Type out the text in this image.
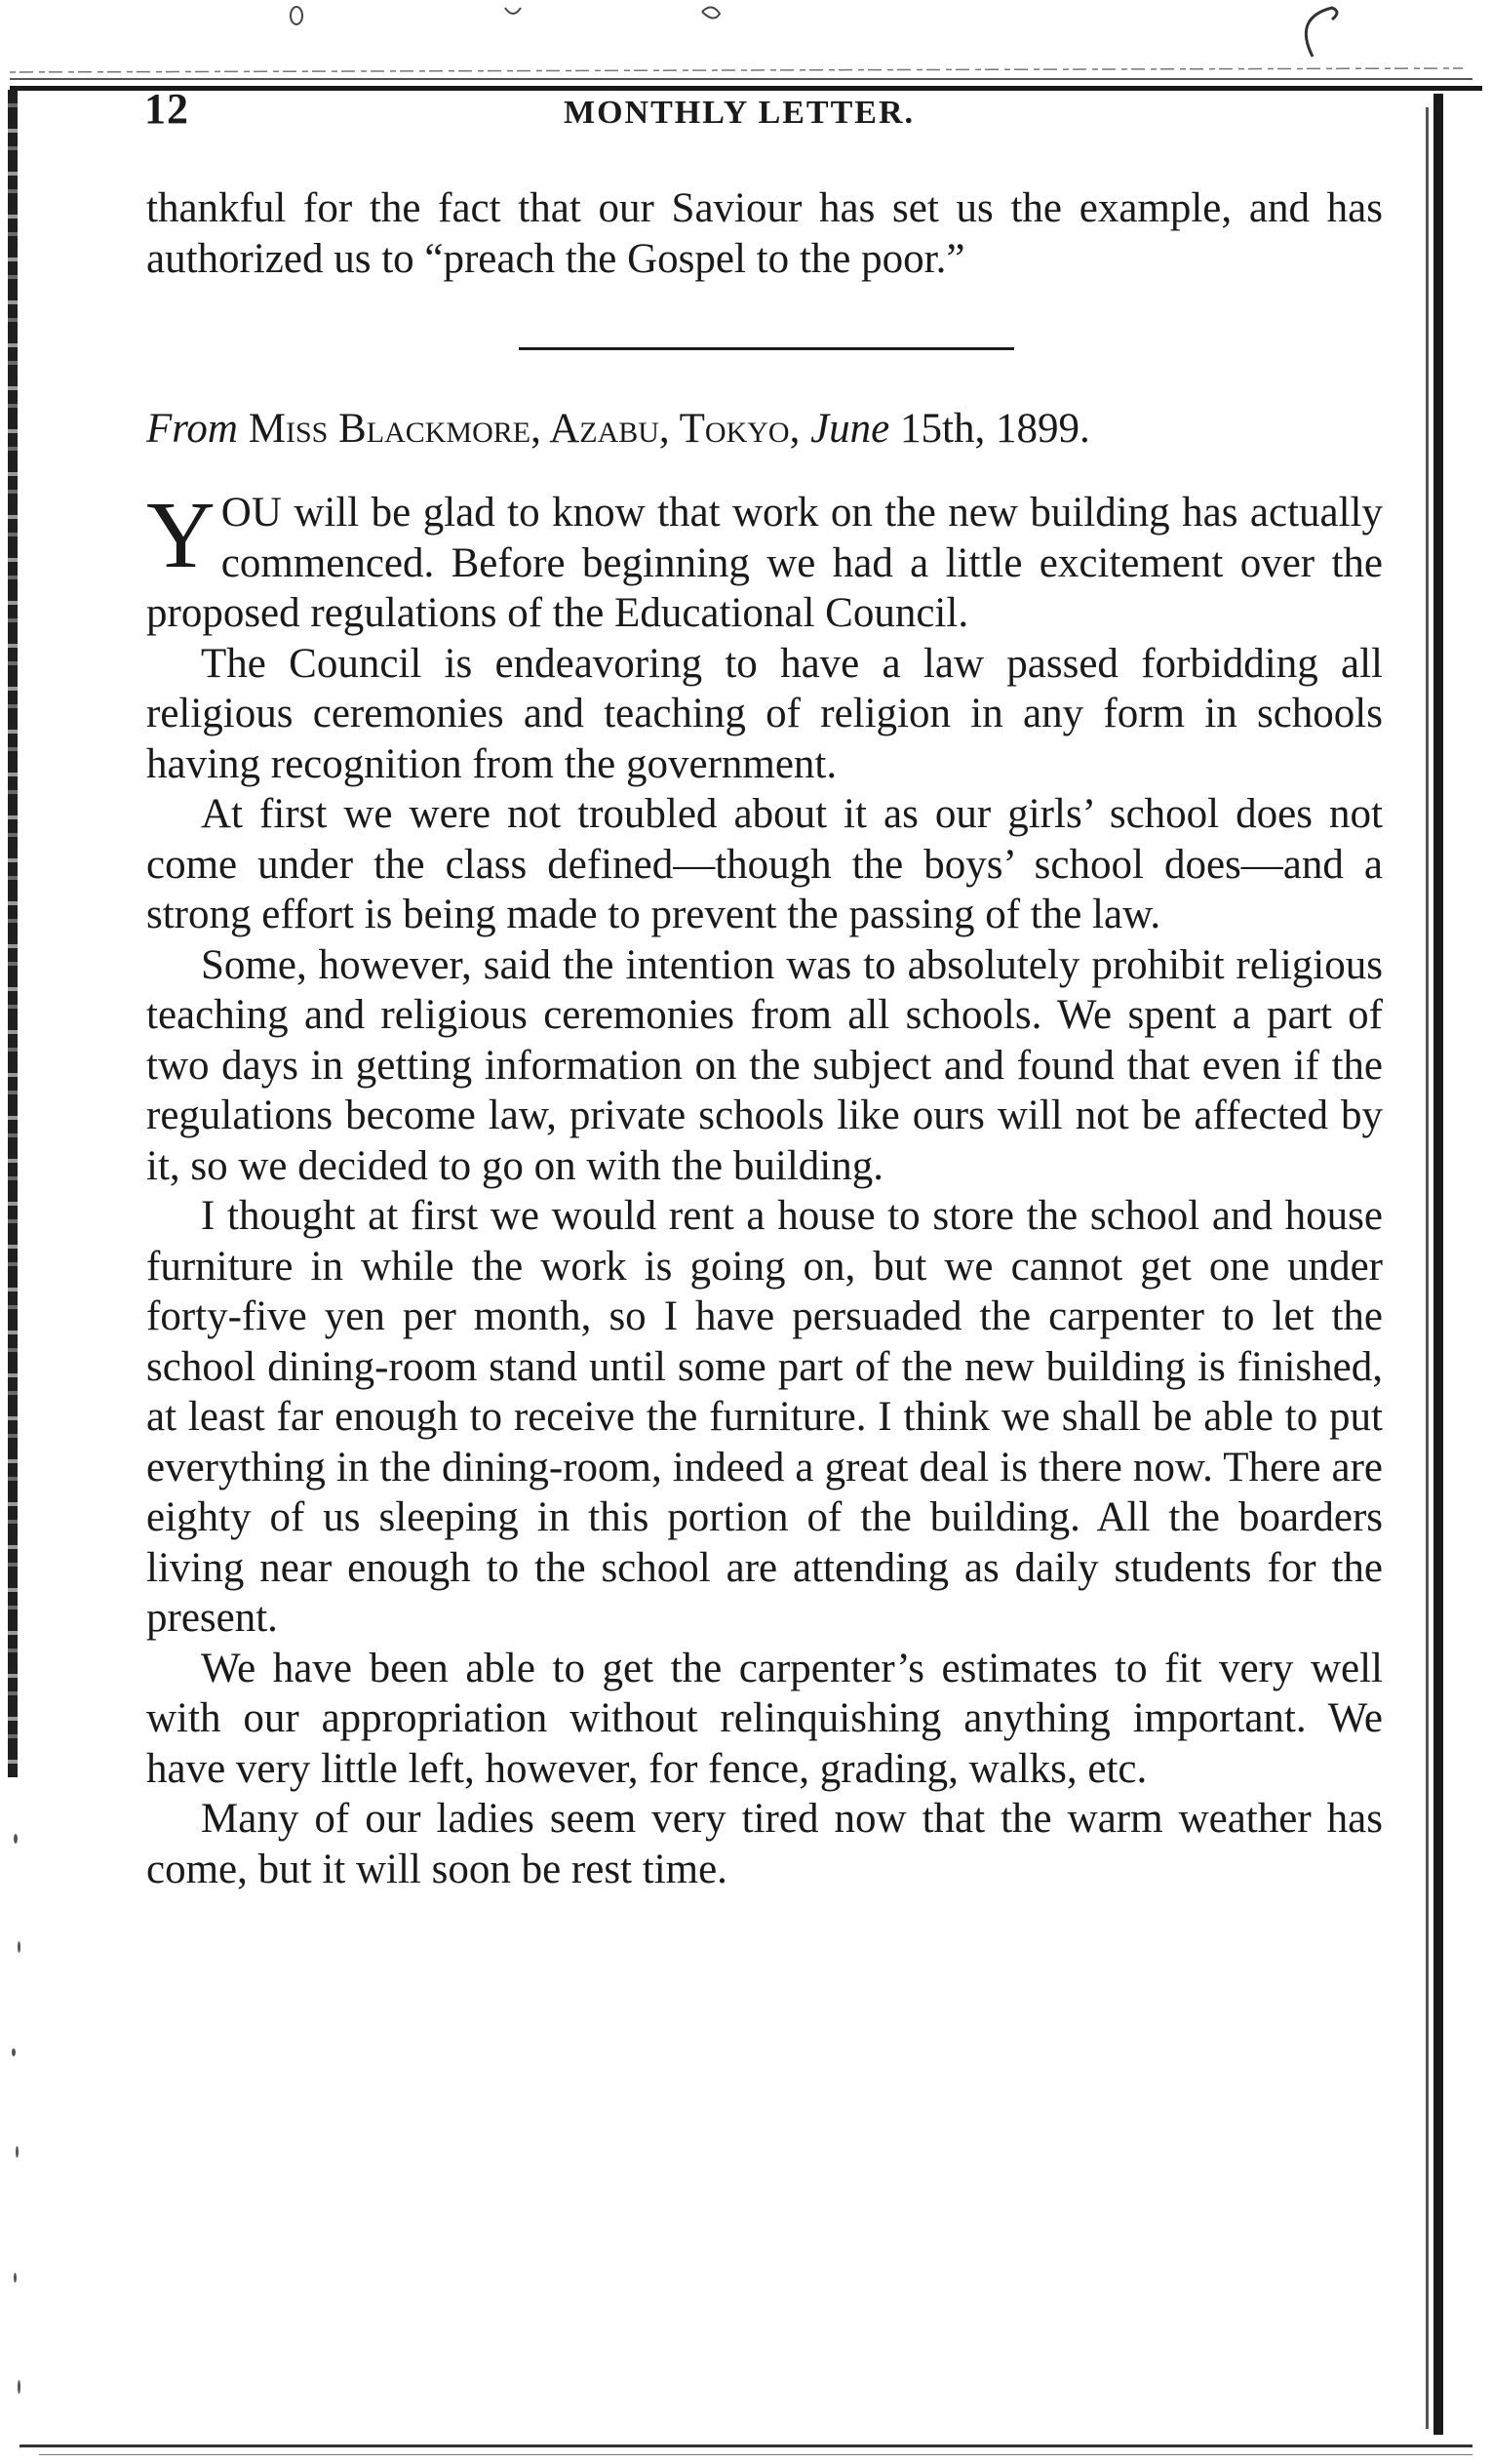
12	MONTHLY LETTER.

thankful for the fact that our Saviour has set us the example, and has authorized us to “preach the Gospel to the poor.”

From Miss Blackmore, Azabu, Tokyo, June 15th, 1899.

YOU will be glad to know that work on the new building has actually commenced. Before beginning we had a little excitement over the proposed regulations of the Educational Council.

The Council is endeavoring to have a law passed forbidding all religious ceremonies and teaching of religion in any form in schools having recognition from the government.

At first we were not troubled about it as our girls’ school does not come under the class defined—though the boys’ school does—and a strong effort is being made to prevent the passing of the law.

Some, however, said the intention was to absolutely prohibit religious teaching and religious ceremonies from all schools. We spent a part of two days in getting information on the subject and found that even if the regulations become law, private schools like ours will not be affected by it, so we decided to go on with the building.

I thought at first we would rent a house to store the school and house furniture in while the work is going on, but we cannot get one under forty-five yen per month, so I have persuaded the carpenter to let the school dining-room stand until some part of the new building is finished, at least far enough to receive the furniture. I think we shall be able to put everything in the dining-room, indeed a great deal is there now. There are eighty of us sleeping in this portion of the building. All the boarders living near enough to the school are attending as daily students for the present.

We have been able to get the carpenter’s estimates to fit very well with our appropriation without relinquishing anything important. We have very little left, however, for fence, grading, walks, etc.

Many of our ladies seem very tired now that the warm weather has come, but it will soon be rest time.
